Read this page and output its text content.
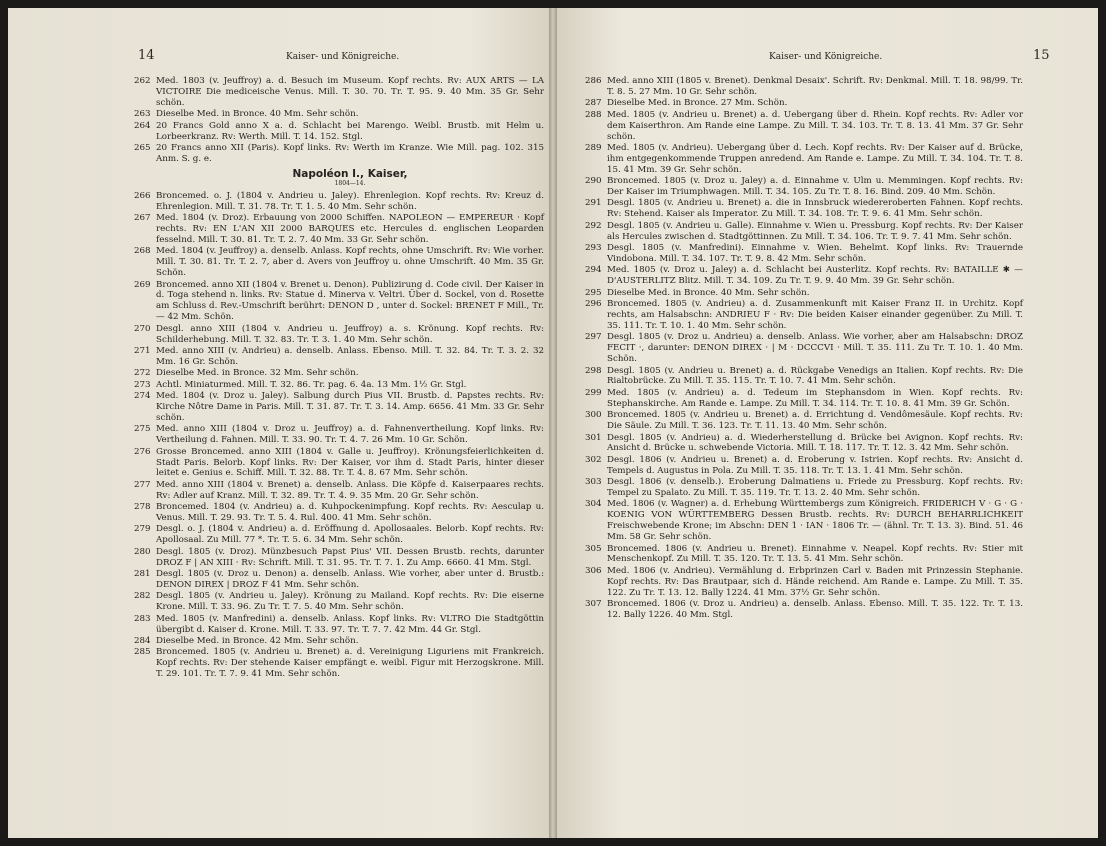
14	Kaiser- und Königreiche.
262 Med. 1803 (v. Jeuffroy) a. d. Besuch im Museum. Kopf rechts. Rv: AUX ARTS — LA VICTOIRE Die mediceische Venus. Mill. T. 30. 70. Tr. T. 95. 9. 40 Mm. 35 Gr. Sehr schön.
263 Dieselbe Med. in Bronce. 40 Mm. Sehr schön.
264 20 Francs Gold anno X a. d. Schlacht bei Marengo. Weibl. Brustb. mit Helm u. Lorbeerkranz. Rv: Werth. Mill. T. 14. 152. Stgl.
265 20 Francs anno XII (Paris). Kopf links. Rv: Werth im Kranze. Wie Mill. pag. 102. 315 Anm. S. g. e.
Napoléon I., Kaiser,
1804—14.
266 Broncemed. o. J. (1804 v. Andrieu u. Jaley). Ehrenlegion. Kopf rechts. Rv: Kreuz d. Ehrenlegion. Mill. T. 31. 78. Tr. T. 1. 5. 40 Mm. Sehr schön.
267 Med. 1804 (v. Droz). Erbauung von 2000 Schiffen. NAPOLEON — EMPEREUR · Kopf rechts. Rv: EN L'AN XII 2000 BARQUES etc. Hercules d. englischen Leoparden fesselnd. Mill. T. 30. 81. Tr. T. 2. 7. 40 Mm. 33 Gr. Sehr schön.
268 Med. 1804 (v. Jeuffroy) a. denselb. Anlass. Kopf rechts, ohne Umschrift. Rv: Wie vorher. Mill. T. 30. 81. Tr. T. 2. 7, aber d. Avers von Jeuffroy u. ohne Umschrift. 40 Mm. 35 Gr. Schön.
269 Broncemed. anno XII (1804 v. Brenet u. Denon). Publizirung d. Code civil. Der Kaiser in d. Toga stehend n. links. Rv: Statue d. Minerva v. Veltri. Über d. Sockel, von d. Rosette am Schluss d. Rev.-Umschrift berührt: DENON D , unter d. Sockel: BRENET F Mill., Tr. — 42 Mm. Schön.
270 Desgl. anno XIII (1804 v. Andrieu u. Jeuffroy) a. s. Krönung. Kopf rechts. Rv: Schilderhebung. Mill. T. 32. 83. Tr. T. 3. 1. 40 Mm. Sehr schön.
271 Med. anno XIII (v. Andrieu) a. denselb. Anlass. Ebenso. Mill. T. 32. 84. Tr. T. 3. 2. 32 Mm. 16 Gr. Schön.
272 Dieselbe Med. in Bronce. 32 Mm. Sehr schön.
273 Achtl. Miniaturmed. Mill. T. 32. 86. Tr. pag. 6. 4a. 13 Mm. 1½ Gr. Stgl.
274 Med. 1804 (v. Droz u. Jaley). Salbung durch Pius VII. Brustb. d. Papstes rechts. Rv: Kirche Nôtre Dame in Paris. Mill. T. 31. 87. Tr. T. 3. 14. Amp. 6656. 41 Mm. 33 Gr. Sehr schön.
275 Med. anno XIII (1804 v. Droz u. Jeuffroy) a. d. Fahnenvertheilung. Kopf links. Rv: Vertheilung d. Fahnen. Mill. T. 33. 90. Tr. T. 4. 7. 26 Mm. 10 Gr. Schön.
276 Grosse Broncemed. anno XIII (1804 v. Galle u. Jeuffroy). Krönungsfeierlichkeiten d. Stadt Paris. Belorb. Kopf links. Rv: Der Kaiser, vor ihm d. Stadt Paris, hinter dieser leitet e. Genius e. Schiff. Mill. T. 32. 88. Tr. T. 4. 8. 67 Mm. Sehr schön.
277 Med. anno XIII (1804 v. Brenet) a. denselb. Anlass. Die Köpfe d. Kaiserpaares rechts. Rv: Adler auf Kranz. Mill. T. 32. 89. Tr. T. 4. 9. 35 Mm. 20 Gr. Sehr schön.
278 Broncemed. 1804 (v. Andrieu) a. d. Kuhpockenimpfung. Kopf rechts. Rv: Aesculap u. Venus. Mill. T. 29. 93. Tr. T. 5. 4. Rul. 400. 41 Mm. Sehr schön.
279 Desgl. o. J. (1804 v. Andrieu) a. d. Eröffnung d. Apollosaales. Belorb. Kopf rechts. Rv: Apollosaal. Zu Mill. 77 *. Tr. T. 5. 6. 34 Mm. Sehr schön.
280 Desgl. 1805 (v. Droz). Münzbesuch Papst Pius' VII. Dessen Brustb. rechts, darunter DROZ F | AN XIII · Rv: Schrift. Mill. T. 31. 95. Tr. T. 7. 1. Zu Amp. 6660. 41 Mm. Stgl.
281 Desgl. 1805 (v. Droz u. Denon) a. denselb. Anlass. Wie vorher, aber unter d. Brustb.: DENON DIREX | DROZ F 41 Mm. Sehr schön.
282 Desgl. 1805 (v. Andrieu u. Jaley). Krönung zu Mailand. Kopf rechts. Rv: Die eiserne Krone. Mill. T. 33. 96. Zu Tr. T. 7. 5. 40 Mm. Sehr schön.
283 Med. 1805 (v. Manfredini) a. denselb. Anlass. Kopf links. Rv: VLTRO Die Stadtgöttin übergibt d. Kaiser d. Krone. Mill. T. 33. 97. Tr. T. 7. 7. 42 Mm. 44 Gr. Stgl.
284 Dieselbe Med. in Bronce. 42 Mm. Sehr schön.
285 Broncemed. 1805 (v. Andrieu u. Brenet) a. d. Vereinigung Liguriens mit Frankreich. Kopf rechts. Rv: Der stehende Kaiser empfängt e. weibl. Figur mit Herzogskrone. Mill. T. 29. 101. Tr. T. 7. 9. 41 Mm. Sehr schön.
Kaiser- und Königreiche.	15
286 Med. anno XIII (1805 v. Brenet). Denkmal Desaix'. Schrift. Rv: Denkmal. Mill. T. 18. 98/99. Tr. T. 8. 5. 27 Mm. 10 Gr. Sehr schön.
287 Dieselbe Med. in Bronce. 27 Mm. Schön.
288 Med. 1805 (v. Andrieu u. Brenet) a. d. Uebergang über d. Rhein. Kopf rechts. Rv: Adler vor dem Kaiserthron. Am Rande eine Lampe. Zu Mill. T. 34. 103. Tr. T. 8. 13. 41 Mm. 37 Gr. Sehr schön.
289 Med. 1805 (v. Andrieu). Uebergang über d. Lech. Kopf rechts. Rv: Der Kaiser auf d. Brücke, ihm entgegenkommende Truppen anredend. Am Rande e. Lampe. Zu Mill. T. 34. 104. Tr. T. 8. 15. 41 Mm. 39 Gr. Sehr schön.
290 Broncemed. 1805 (v. Droz u. Jaley) a. d. Einnahme v. Ulm u. Memmingen. Kopf rechts. Rv: Der Kaiser im Triumphwagen. Mill. T. 34. 105. Zu Tr. T. 8. 16. Bind. 209. 40 Mm. Schön.
291 Desgl. 1805 (v. Andrieu u. Brenet) a. die in Innsbruck wiedereroberten Fahnen. Kopf rechts. Rv: Stehend. Kaiser als Imperator. Zu Mill. T. 34. 108. Tr. T. 9. 6. 41 Mm. Sehr schön.
292 Desgl. 1805 (v. Andrieu u. Galle). Einnahme v. Wien u. Pressburg. Kopf rechts. Rv: Der Kaiser als Hercules zwischen d. Stadtgöttinnen. Zu Mill. T. 34. 106. Tr. T. 9. 7. 41 Mm. Sehr schön.
293 Desgl. 1805 (v. Manfredini). Einnahme v. Wien. Behelmt. Kopf links. Rv: Trauernde Vindobona. Mill. T. 34. 107. Tr. T. 9. 8. 42 Mm. Sehr schön.
294 Med. 1805 (v. Droz u. Jaley) a. d. Schlacht bei Austerlitz. Kopf rechts. Rv: BATAILLE ✱ — D'AUSTERLITZ Blitz. Mill. T. 34. 109. Zu Tr. T. 9. 9. 40 Mm. 39 Gr. Sehr schön.
295 Dieselbe Med. in Bronce. 40 Mm. Sehr schön.
296 Broncemed. 1805 (v. Andrieu) a. d. Zusammenkunft mit Kaiser Franz II. in Urchitz. Kopf rechts, am Halsabschn: ANDRIEU F · Rv: Die beiden Kaiser einander gegenüber. Zu Mill. T. 35. 111. Tr. T. 10. 1. 40 Mm. Sehr schön.
297 Desgl. 1805 (v. Droz u. Andrieu) a. denselb. Anlass. Wie vorher, aber am Halsabschn: DROZ FECIT ·, darunter: DENON DIREX · | M · DCCCVI · Mill. T. 35. 111. Zu Tr. T. 10. 1. 40 Mm. Schön.
298 Desgl. 1805 (v. Andrieu u. Brenet) a. d. Rückgabe Venedigs an Italien. Kopf rechts. Rv: Die Rialtobrücke. Zu Mill. T. 35. 115. Tr. T. 10. 7. 41 Mm. Sehr schön.
299 Med. 1805 (v. Andrieu) a. d. Tedeum im Stephansdom in Wien. Kopf rechts. Rv: Stephanskirche. Am Rande e. Lampe. Zu Mill. T. 34. 114. Tr. T. 10. 8. 41 Mm. 39 Gr. Schön.
300 Broncemed. 1805 (v. Andrieu u. Brenet) a. d. Errichtung d. Vendômesäule. Kopf rechts. Rv: Die Säule. Zu Mill. T. 36. 123. Tr. T. 11. 13. 40 Mm. Sehr schön.
301 Desgl. 1805 (v. Andrieu) a. d. Wiederherstellung d. Brücke bei Avignon. Kopf rechts. Rv: Ansicht d. Brücke u. schwebende Victoria. Mill. T. 18. 117. Tr. T. 12. 3. 42 Mm. Sehr schön.
302 Desgl. 1806 (v. Andrieu u. Brenet) a. d. Eroberung v. Istrien. Kopf rechts. Rv: Ansicht d. Tempels d. Augustus in Pola. Zu Mill. T. 35. 118. Tr. T. 13. 1. 41 Mm. Sehr schön.
303 Desgl. 1806 (v. denselb.). Eroberung Dalmatiens u. Friede zu Pressburg. Kopf rechts. Rv: Tempel zu Spalato. Zu Mill. T. 35. 119. Tr. T. 13. 2. 40 Mm. Sehr schön.
304 Med. 1806 (v. Wagner) a. d. Erhebung Württembergs zum Königreich. FRIDERICH V · G · G · KOENIG VON WÜRTTEMBERG Dessen Brustb. rechts. Rv: DURCH BEHARRLICHKEIT Freischwebende Krone; im Abschn: DEN 1 · IAN · 1806 Tr. — (ähnl. Tr. T. 13. 3). Bind. 51. 46 Mm. 58 Gr. Sehr schön.
305 Broncemed. 1806 (v. Andrieu u. Brenet). Einnahme v. Neapel. Kopf rechts. Rv: Stier mit Menschenkopf. Zu Mill. T. 35. 120. Tr. T. 13. 5. 41 Mm. Sehr schön.
306 Med. 1806 (v. Andrieu). Vermählung d. Erbprinzen Carl v. Baden mit Prinzessin Stephanie. Kopf rechts. Rv: Das Brautpaar, sich d. Hände reichend. Am Rande e. Lampe. Zu Mill. T. 35. 122. Zu Tr. T. 13. 12. Bally 1224. 41 Mm. 37½ Gr. Sehr schön.
307 Broncemed. 1806 (v. Droz u. Andrieu) a. denselb. Anlass. Ebenso. Mill. T. 35. 122. Tr. T. 13. 12. Bally 1226. 40 Mm. Stgl.
